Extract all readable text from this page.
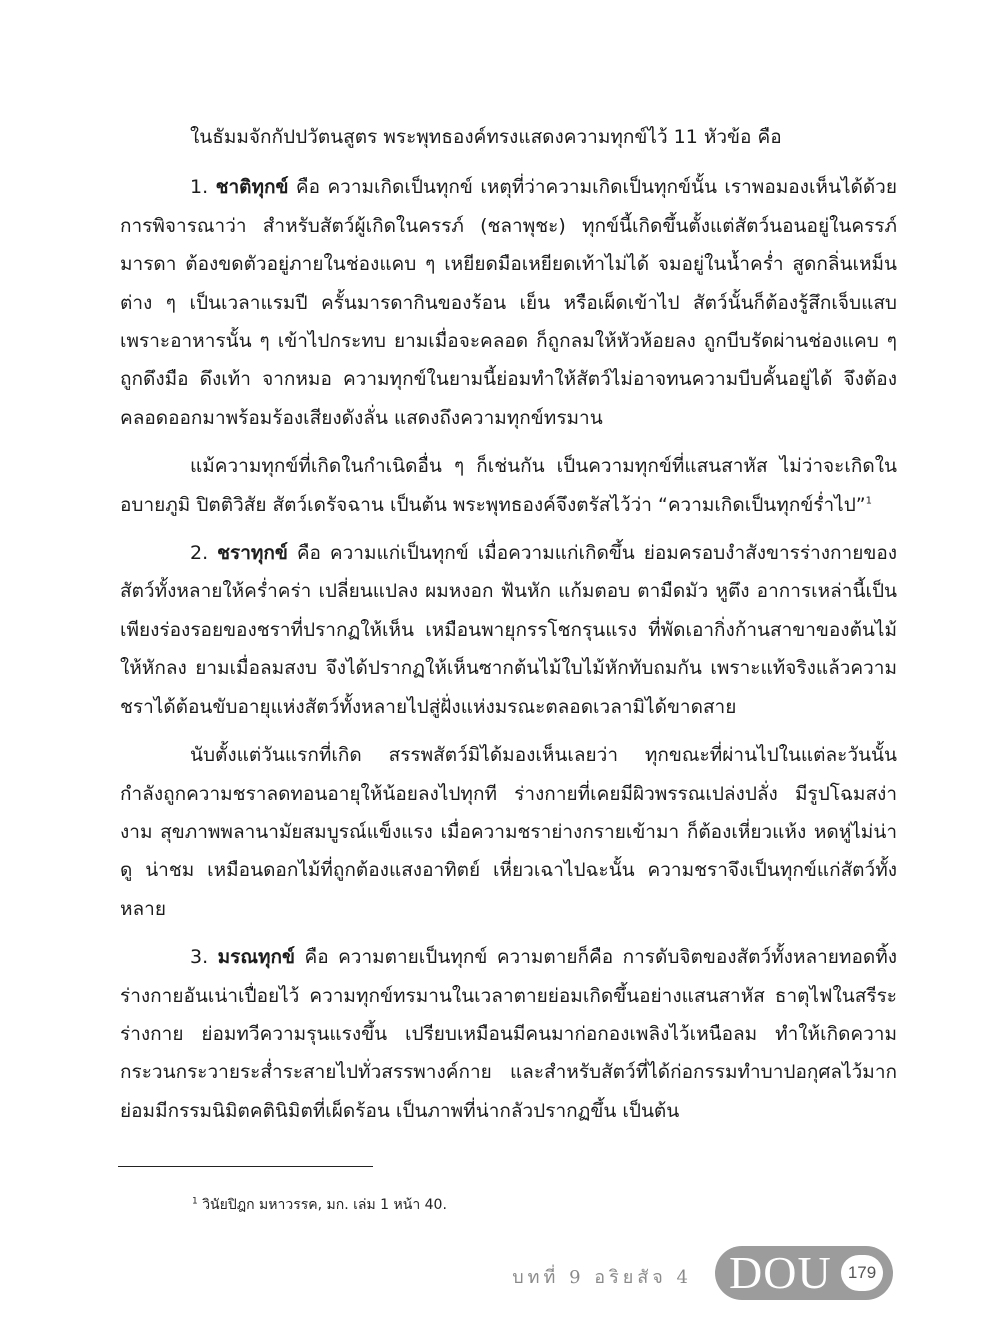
ในธัมมจักกัปปวัตนสูตร พระพุทธองค์ทรงแสดงความทุกข์ไว้ 11 หัวข้อ คือ

1. ชาติทุกข์ คือ ความเกิดเป็นทุกข์ เหตุที่ว่าความเกิดเป็นทุกข์นั้น เราพอมองเห็นได้ด้วยการพิจารณาว่า สำหรับสัตว์ผู้เกิดในครรภ์ (ชลาพุชะ) ทุกข์นี้เกิดขึ้นตั้งแต่สัตว์นอนอยู่ในครรภ์มารดา ต้องขดตัวอยู่ภายในช่องแคบ ๆ เหยียดมือเหยียดเท้าไม่ได้ จมอยู่ในน้ำคร่ำ สูดกลิ่นเหม็นต่าง ๆ เป็นเวลาแรมปี ครั้นมารดากินของร้อน เย็น หรือเผ็ดเข้าไป สัตว์นั้นก็ต้องรู้สึกเจ็บแสบ เพราะอาหารนั้น ๆ เข้าไปกระทบ ยามเมื่อจะคลอด ก็ถูกลมให้หัวห้อยลง ถูกบีบรัดผ่านช่องแคบ ๆ ถูกดึงมือ ดึงเท้า จากหมอ ความทุกข์ในยามนี้ย่อมทำให้สัตว์ไม่อาจทนความบีบคั้นอยู่ได้ จึงต้องคลอดออกมาพร้อมร้องเสียงดังลั่น แสดงถึงความทุกข์ทรมาน

แม้ความทุกข์ที่เกิดในกำเนิดอื่น ๆ ก็เช่นกัน เป็นความทุกข์ที่แสนสาหัส ไม่ว่าจะเกิดในอบายภูมิ ปิตติวิสัย สัตว์เดรัจฉาน เป็นต้น พระพุทธองค์จึงตรัสไว้ว่า “ความเกิดเป็นทุกข์ร่ำไป”$^1$

2. ชราทุกข์ คือ ความแก่เป็นทุกข์ เมื่อความแก่เกิดขึ้น ย่อมครอบงำสังขารร่างกายของสัตว์ทั้งหลายให้คร่ำคร่า เปลี่ยนแปลง ผมหงอก ฟันหัก แก้มตอบ ตามืดมัว หูตึง อาการเหล่านี้เป็นเพียงร่องรอยของชราที่ปรากฏให้เห็น เหมือนพายุกรรโชกรุนแรง ที่พัดเอากิ่งก้านสาขาของต้นไม้ให้หักลง ยามเมื่อลมสงบ จึงได้ปรากฏให้เห็นซากต้นไม้ใบไม้หักทับถมกัน เพราะแท้จริงแล้วความชราได้ต้อนขับอายุแห่งสัตว์ทั้งหลายไปสู่ฝั่งแห่งมรณะตลอดเวลามิได้ขาดสาย

นับตั้งแต่วันแรกที่เกิด สรรพสัตว์มิได้มองเห็นเลยว่า ทุกขณะที่ผ่านไปในแต่ละวันนั้นกำลังถูกความชราลดทอนอายุให้น้อยลงไปทุกที ร่างกายที่เคยมีผิวพรรณเปล่งปลั่ง มีรูปโฉมสง่างาม สุขภาพพลานามัยสมบูรณ์แข็งแรง เมื่อความชราย่างกรายเข้ามา ก็ต้องเหี่ยวแห้ง หดหู่ไม่น่าดู น่าชม เหมือนดอกไม้ที่ถูกต้องแสงอาทิตย์ เหี่ยวเฉาไปฉะนั้น ความชราจึงเป็นทุกข์แก่สัตว์ทั้งหลาย

3. มรณทุกข์ คือ ความตายเป็นทุกข์ ความตายก็คือ การดับจิตของสัตว์ทั้งหลายทอดทิ้งร่างกายอันเน่าเปื่อยไว้ ความทุกข์ทรมานในเวลาตายย่อมเกิดขึ้นอย่างแสนสาหัส ธาตุไฟในสรีระร่างกาย ย่อมทวีความรุนแรงขึ้น เปรียบเหมือนมีคนมาก่อกองเพลิงไว้เหนือลม ทำให้เกิดความกระวนกระวายระส่ำระสายไปทั่วสรรพางค์กาย และสำหรับสัตว์ที่ได้ก่อกรรมทำบาปอกุศลไว้มาก ย่อมมีกรรมนิมิตคตินิมิตที่เผ็ดร้อน เป็นภาพที่น่ากลัวปรากฏขึ้น เป็นต้น

$^1$ วินัยปิฎก มหาวรรค, มก. เล่ม 1 หน้า 40.
บทที่ 9 อริยสัจ 4 DOU 179
